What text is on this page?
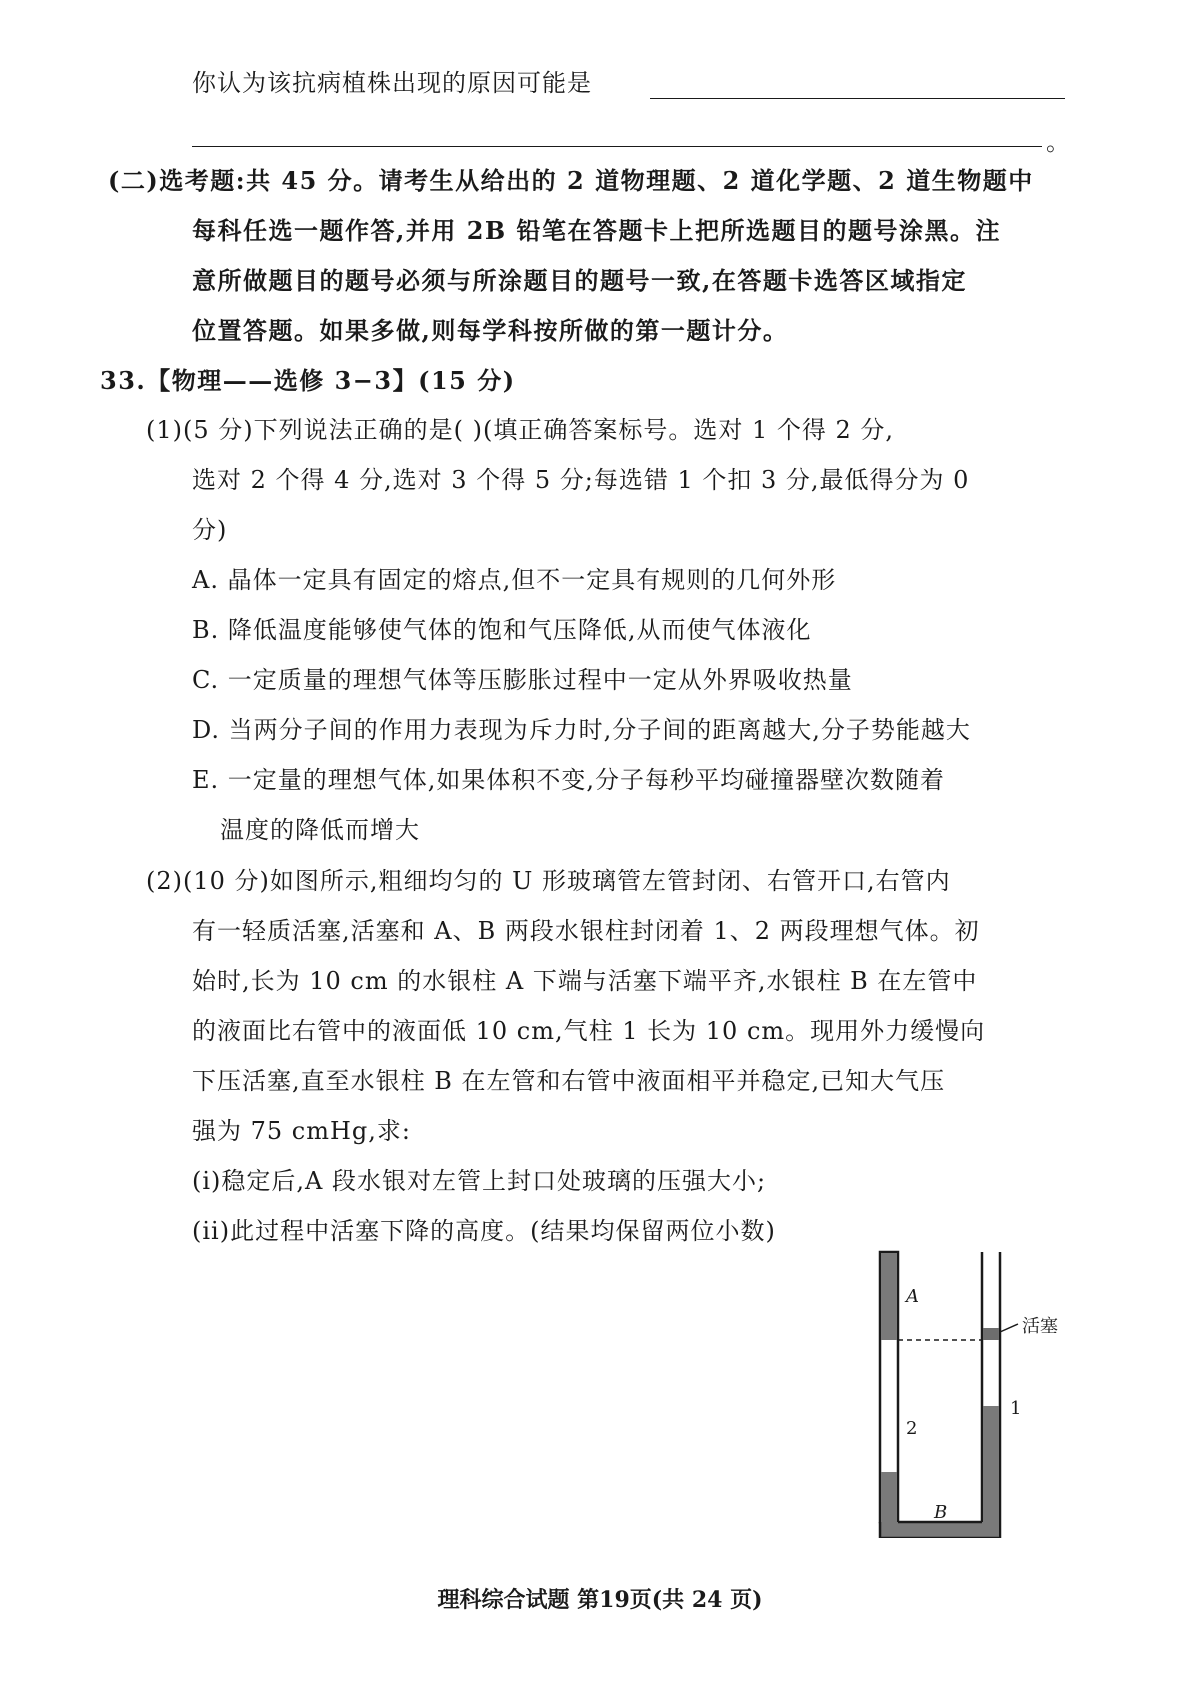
你认为该抗病植株出现的原因可能是
。
(二)选考题:共 45 分。请考生从给出的 2 道物理题、2 道化学题、2 道生物题中
每科任选一题作答,并用 2B 铅笔在答题卡上把所选题目的题号涂黑。注
意所做题目的题号必须与所涂题目的题号一致,在答题卡选答区域指定
位置答题。如果多做,则每学科按所做的第一题计分。
33.【物理——选修 3−3】(15 分)
(1)(5 分)下列说法正确的是( )(填正确答案标号。选对 1 个得 2 分,
选对 2 个得 4 分,选对 3 个得 5 分;每选错 1 个扣 3 分,最低得分为 0
分)
A. 晶体一定具有固定的熔点,但不一定具有规则的几何外形
B. 降低温度能够使气体的饱和气压降低,从而使气体液化
C. 一定质量的理想气体等压膨胀过程中一定从外界吸收热量
D. 当两分子间的作用力表现为斥力时,分子间的距离越大,分子势能越大
E. 一定量的理想气体,如果体积不变,分子每秒平均碰撞器壁次数随着
温度的降低而增大
(2)(10 分)如图所示,粗细均匀的 U 形玻璃管左管封闭、右管开口,右管内
有一轻质活塞,活塞和 A、B 两段水银柱封闭着 1、2 两段理想气体。初
始时,长为 10 cm 的水银柱 A 下端与活塞下端平齐,水银柱 B 在左管中
的液面比右管中的液面低 10 cm,气柱 1 长为 10 cm。现用外力缓慢向
下压活塞,直至水银柱 B 在左管和右管中液面相平并稳定,已知大气压
强为 75 cmHg,求:
(i)稳定后,A 段水银对左管上封口处玻璃的压强大小;
(ii)此过程中活塞下降的高度。(结果均保留两位小数)
A
2
1
B
活塞
理科综合试题 第19页(共 24 页)
